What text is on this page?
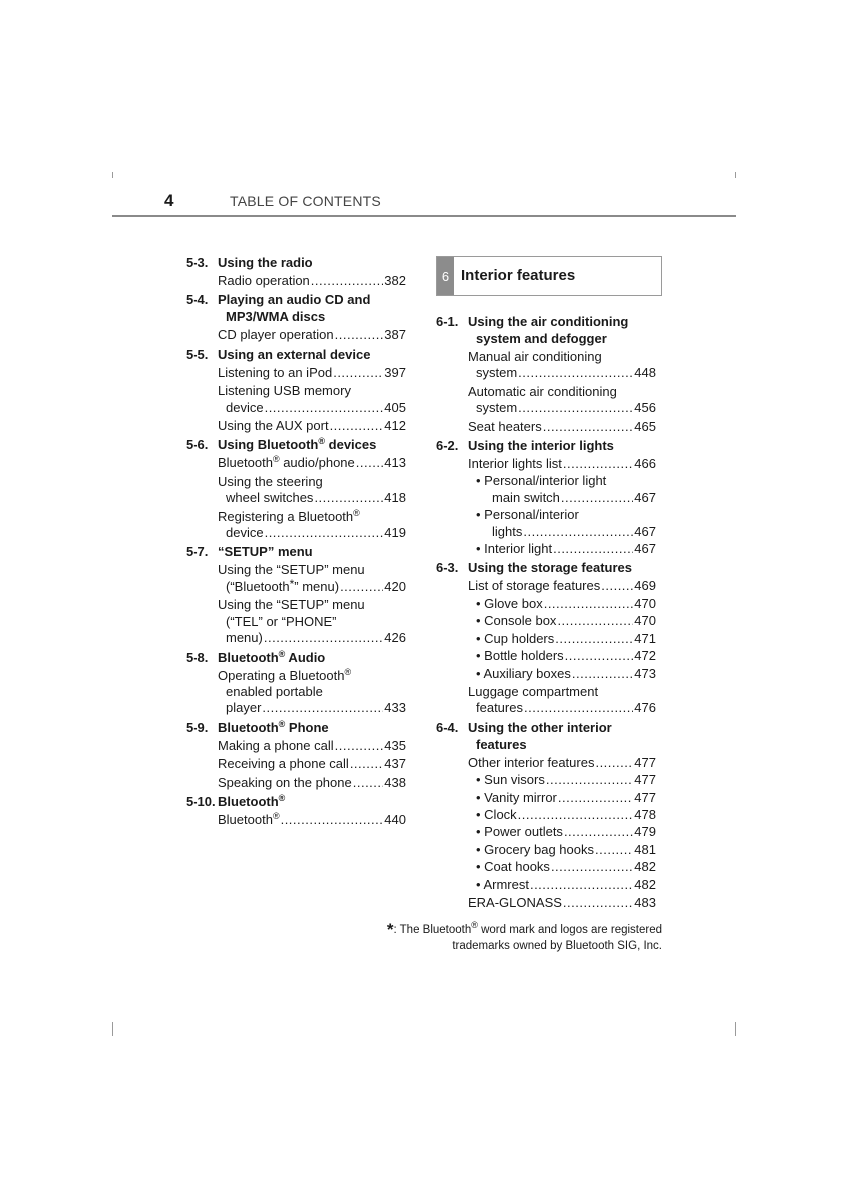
4	TABLE OF CONTENTS
5-3. Using the radio
Radio operation .....	382
5-4. Playing an audio CD and
MP3/WMA discs
CD player operation .....	387
5-5. Using an external device
Listening to an iPod .....	397
Listening USB memory
device .....	405
Using the AUX port .....	412
5-6. Using Bluetooth® devices
Bluetooth® audio/phone ..... 413
Using the steering
wheel switches .....	418
Registering a Bluetooth®
device .....	419
5-7. “SETUP” menu
Using the “SETUP” menu
(“Bluetooth*” menu) .....	420
Using the “SETUP” menu
(“TEL” or “PHONE”
menu) .....	426
5-8. Bluetooth® Audio
Operating a Bluetooth®
enabled portable
player .....	433
5-9. Bluetooth® Phone
Making a phone call .....	435
Receiving a phone call .....	437
Speaking on the phone .....	438
5-10. Bluetooth®
Bluetooth® .....	440
6 Interior features
6-1. Using the air conditioning
system and defogger
Manual air conditioning
system .....	448
Automatic air conditioning
system .....	456
Seat heaters .....	465
6-2. Using the interior lights
Interior lights list .....	466
• Personal/interior light
main switch .....	467
• Personal/interior
lights .....	467
• Interior light .....	467
6-3. Using the storage features
List of storage features .....	469
• Glove box .....	470
• Console box .....	470
• Cup holders .....	471
• Bottle holders .....	472
• Auxiliary boxes .....	473
Luggage compartment
features .....	476
6-4. Using the other interior
features
Other interior features .....	477
• Sun visors .....	477
• Vanity mirror .....	477
• Clock .....	478
• Power outlets .....	479
• Grocery bag hooks .....	481
• Coat hooks .....	482
• Armrest .....	482
ERA-GLONASS .....	483
*: The Bluetooth® word mark and logos are registered
trademarks owned by Bluetooth SIG, Inc.
